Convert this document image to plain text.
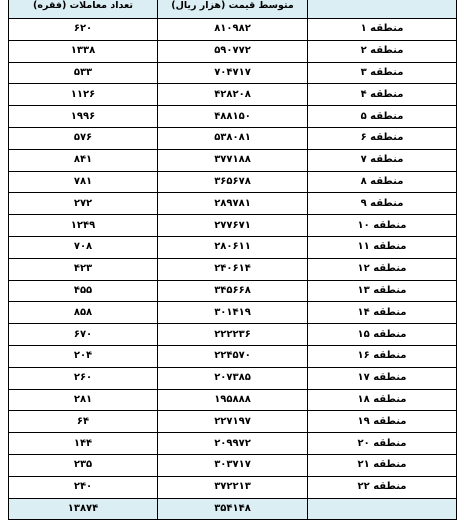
	متوسط قیمت (هزار ریال)	تعداد معاملات (فقره)
منطقه ۱	۸۱۰۹۸۲	۶۲۰
منطقه ۲	۵۹۰۷۷۲	۱۳۳۸
منطقه ۳	۷۰۴۷۱۷	۵۳۳
منطقه ۴	۴۲۸۲۰۸	۱۱۲۶
منطقه ۵	۴۸۸۱۵۰	۱۹۹۶
منطقه ۶	۵۳۸۰۸۱	۵۷۶
منطقه ۷	۳۷۷۱۸۸	۸۴۱
منطقه ۸	۳۶۵۶۷۸	۷۸۱
منطقه ۹	۲۸۹۷۸۱	۲۷۲
منطقه ۱۰	۲۷۷۶۷۱	۱۲۴۹
منطقه ۱۱	۲۸۰۶۱۱	۷۰۸
منطقه ۱۲	۲۴۰۶۱۴	۴۲۳
منطقه ۱۳	۳۴۵۶۶۸	۴۵۵
منطقه ۱۴	۳۰۱۴۱۹	۸۵۸
منطقه ۱۵	۲۲۲۲۳۶	۶۷۰
منطقه ۱۶	۲۲۴۵۷۰	۲۰۴
منطقه ۱۷	۲۰۷۳۸۵	۲۶۰
منطقه ۱۸	۱۹۵۸۸۸	۲۸۱
منطقه ۱۹	۲۲۷۱۹۷	۶۴
منطقه ۲۰	۲۰۹۹۷۲	۱۴۴
منطقه ۲۱	۳۰۳۷۱۷	۲۳۵
منطقه ۲۲	۳۷۲۲۱۳	۲۴۰
	۳۵۴۱۴۸	۱۳۸۷۴
